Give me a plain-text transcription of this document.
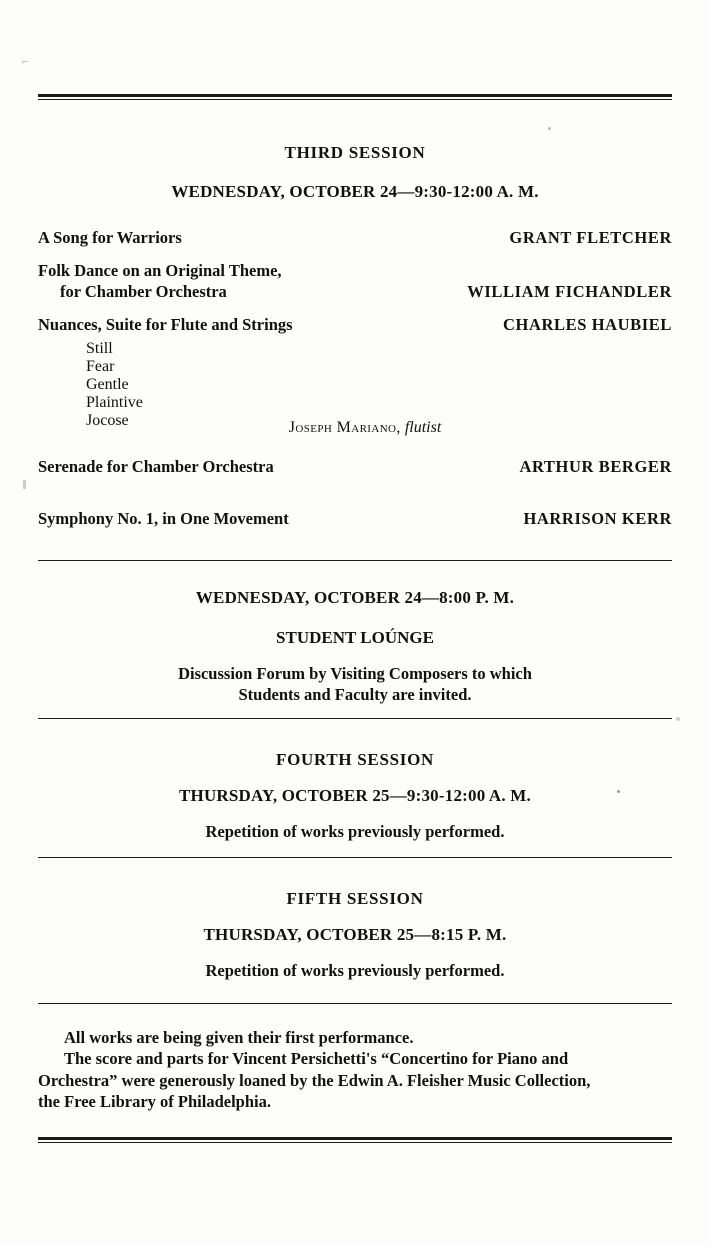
⌐
THIRD SESSION
WEDNESDAY, OCTOBER 24—9:30-12:00 A. M.
A Song for Warriors	GRANT FLETCHER
Folk Dance on an Original Theme,
for Chamber Orchestra	WILLIAM FICHANDLER
Nuances, Suite for Flute and Strings	CHARLES HAUBIEL
Still
Fear
Gentle
Plaintive
Jocose	Joseph Mariano, flutist
Serenade for Chamber Orchestra	ARTHUR BERGER
Symphony No. 1, in One Movement	HARRISON KERR
WEDNESDAY, OCTOBER 24—8:00 P. M.
STUDENT LOÚNGE
Discussion Forum by Visiting Composers to which
Students and Faculty are invited.
FOURTH SESSION
THURSDAY, OCTOBER 25—9:30-12:00 A. M.
Repetition of works previously performed.
FIFTH SESSION
THURSDAY, OCTOBER 25—8:15 P. M.
Repetition of works previously performed.
All works are being given their first performance.
The score and parts for Vincent Persichetti's “Concertino for Piano and
Orchestra” were generously loaned by the Edwin A. Fleisher Music Collection,
the Free Library of Philadelphia.
